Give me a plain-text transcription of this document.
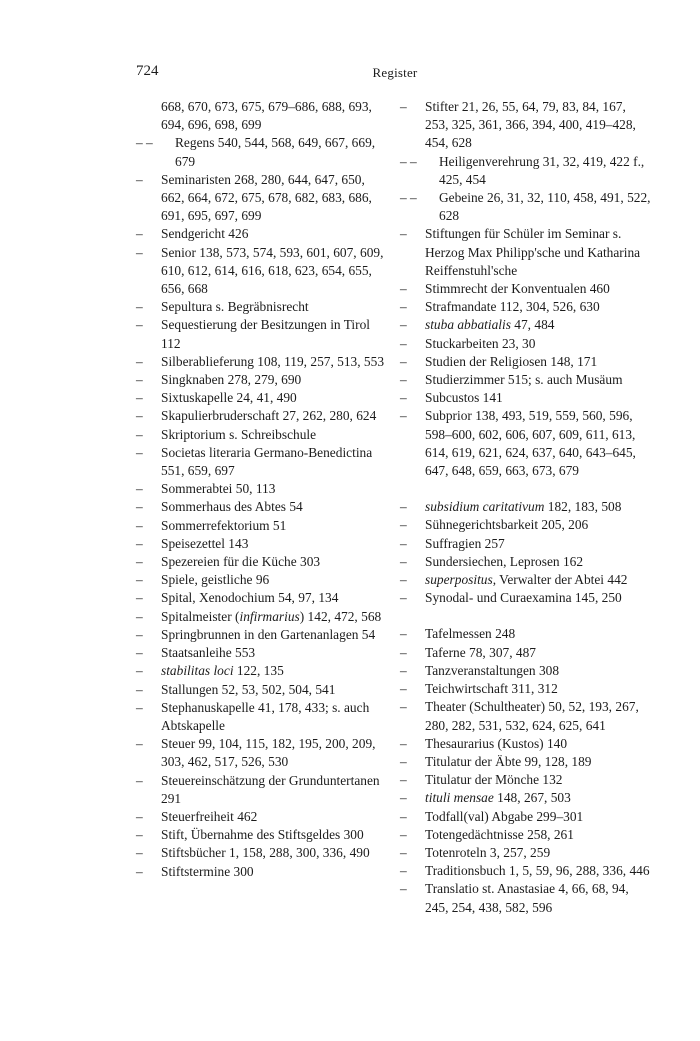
724	Register
668, 670, 673, 675, 679–686, 688, 693, 694, 696, 698, 699
– –	Regens 540, 544, 568, 649, 667, 669, 679
– Seminaristen 268, 280, 644, 647, 650, 662, 664, 672, 675, 678, 682, 683, 686, 691, 695, 697, 699
– Sendgericht 426
– Senior 138, 573, 574, 593, 601, 607, 609, 610, 612, 614, 616, 618, 623, 654, 655, 656, 668
– Sepultura s. Begräbnisrecht
– Sequestierung der Besitzungen in Tirol 112
– Silberablieferung 108, 119, 257, 513, 553
– Singknaben 278, 279, 690
– Sixtuskapelle 24, 41, 490
– Skapulierbruderschaft 27, 262, 280, 624
– Skriptorium s. Schreibschule
– Societas literaria Germano-Benedictina 551, 659, 697
– Sommerabtei 50, 113
– Sommerhaus des Abtes 54
– Sommerrefektorium 51
– Speisezettel 143
– Spezereien für die Küche 303
– Spiele, geistliche 96
– Spital, Xenodochium 54, 97, 134
– Spitalmeister (infirmarius) 142, 472, 568
– Springbrunnen in den Gartenanlagen 54
– Staatsanleihe 553
– stabilitas loci 122, 135
– Stallungen 52, 53, 502, 504, 541
– Stephanuskapelle 41, 178, 433; s. auch Abtskapelle
– Steuer 99, 104, 115, 182, 195, 200, 209, 303, 462, 517, 526, 530
– Steuereinschätzung der Grunduntertanen 291
– Steuerfreiheit 462
– Stift, Übernahme des Stiftsgeldes 300
– Stiftsbücher 1, 158, 288, 300, 336, 490
– Stiftstermine 300
– Stifter 21, 26, 55, 64, 79, 83, 84, 167, 253, 325, 361, 366, 394, 400, 419–428, 454, 628
– –	Heiligenverehrung 31, 32, 419, 422 f., 425, 454
– –	Gebeine 26, 31, 32, 110, 458, 491, 522, 628
– Stiftungen für Schüler im Seminar s. Herzog Max Philipp'sche und Katharina Reiffenstuhl'sche
– Stimmrecht der Konventualen 460
– Strafmandate 112, 304, 526, 630
– stuba abbatialis 47, 484
– Stuckarbeiten 23, 30
– Studien der Religiosen 148, 171
– Studierzimmer 515; s. auch Musäum
– Subcustos 141
– Subprior 138, 493, 519, 559, 560, 596, 598–600, 602, 606, 607, 609, 611, 613, 614, 619, 621, 624, 637, 640, 643–645, 647, 648, 659, 663, 673, 679
– subsidium caritativum 182, 183, 508
– Sühnegerichtsbarkeit 205, 206
– Suffragien 257
– Sundersiechen, Leprosen 162
– superpositus, Verwalter der Abtei 442
– Synodal- und Curaexamina 145, 250
– Tafelmessen 248
– Taferne 78, 307, 487
– Tanzveranstaltungen 308
– Teichwirtschaft 311, 312
– Theater (Schultheater) 50, 52, 193, 267, 280, 282, 531, 532, 624, 625, 641
– Thesaurarius (Kustos) 140
– Titulatur der Äbte 99, 128, 189
– Titulatur der Mönche 132
– tituli mensae 148, 267, 503
– Todfall(val) Abgabe 299–301
– Totengedächtnisse 258, 261
– Totenroteln 3, 257, 259
– Traditionsbuch 1, 5, 59, 96, 288, 336, 446
– Translatio st. Anastasiae 4, 66, 68, 94, 245, 254, 438, 582, 596
